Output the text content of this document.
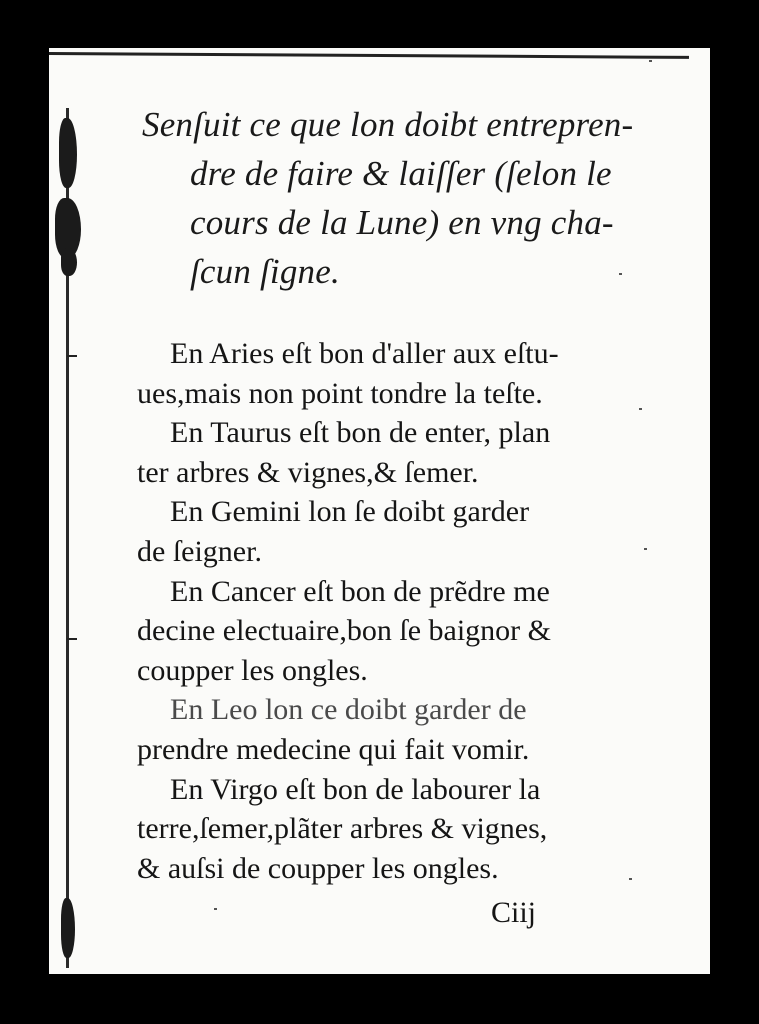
Senſuit ce que lon doibt entrepren-
dre de faire & laiſſer (ſelon le
cours de la Lune) en vng cha-
ſcun ſigne.
En Aries eſt bon d'aller aux eſtu-
ues,mais non point tondre la teſte.
En Taurus eſt bon de enter, plan
ter arbres & vignes,& ſemer.
En Gemini lon ſe doibt garder
de ſeigner.
En Cancer eſt bon de prẽdre me
decine electuaire,bon ſe baignor &
coupper les ongles.
En Leo lon ce doibt garder de
prendre medecine qui fait vomir.
En Virgo eſt bon de labourer la
terre,ſemer,plãter arbres & vignes,
& auſsi de coupper les ongles.
Ciij
